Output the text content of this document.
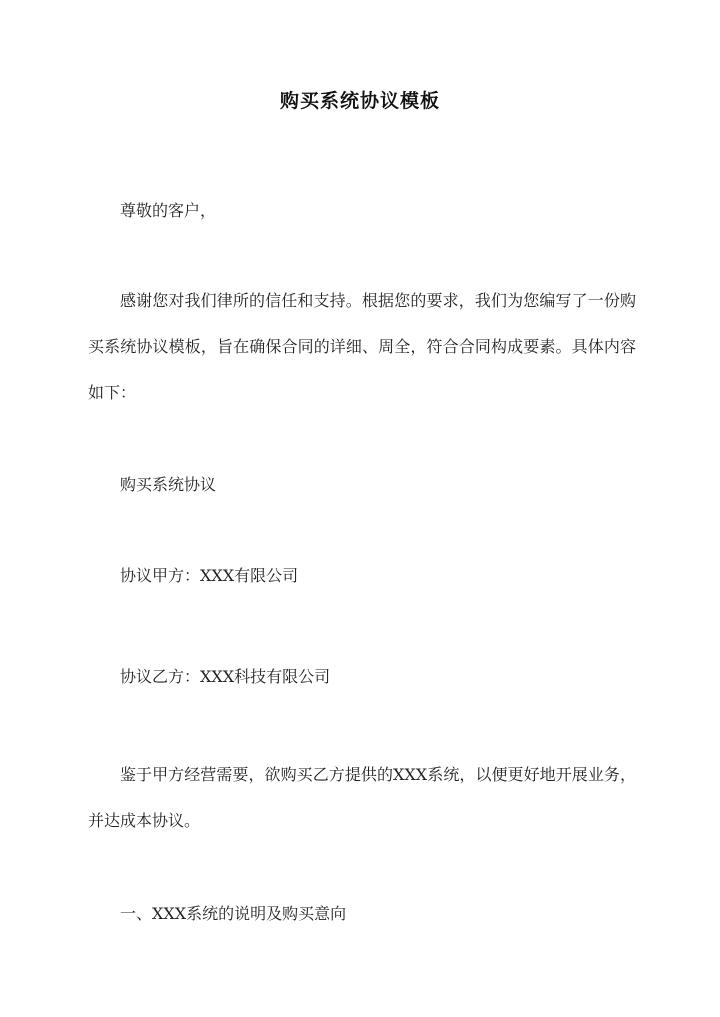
购买系统协议模板

尊敬的客户，

感谢您对我们律所的信任和支持。根据您的要求，我们为您编写了一份购买系统协议模板，旨在确保合同的详细、周全，符合合同构成要素。具体内容如下：

购买系统协议

协议甲方：XXX有限公司

协议乙方：XXX科技有限公司

鉴于甲方经营需要，欲购买乙方提供的XXX系统，以便更好地开展业务，并达成本协议。

一、XXX系统的说明及购买意向
